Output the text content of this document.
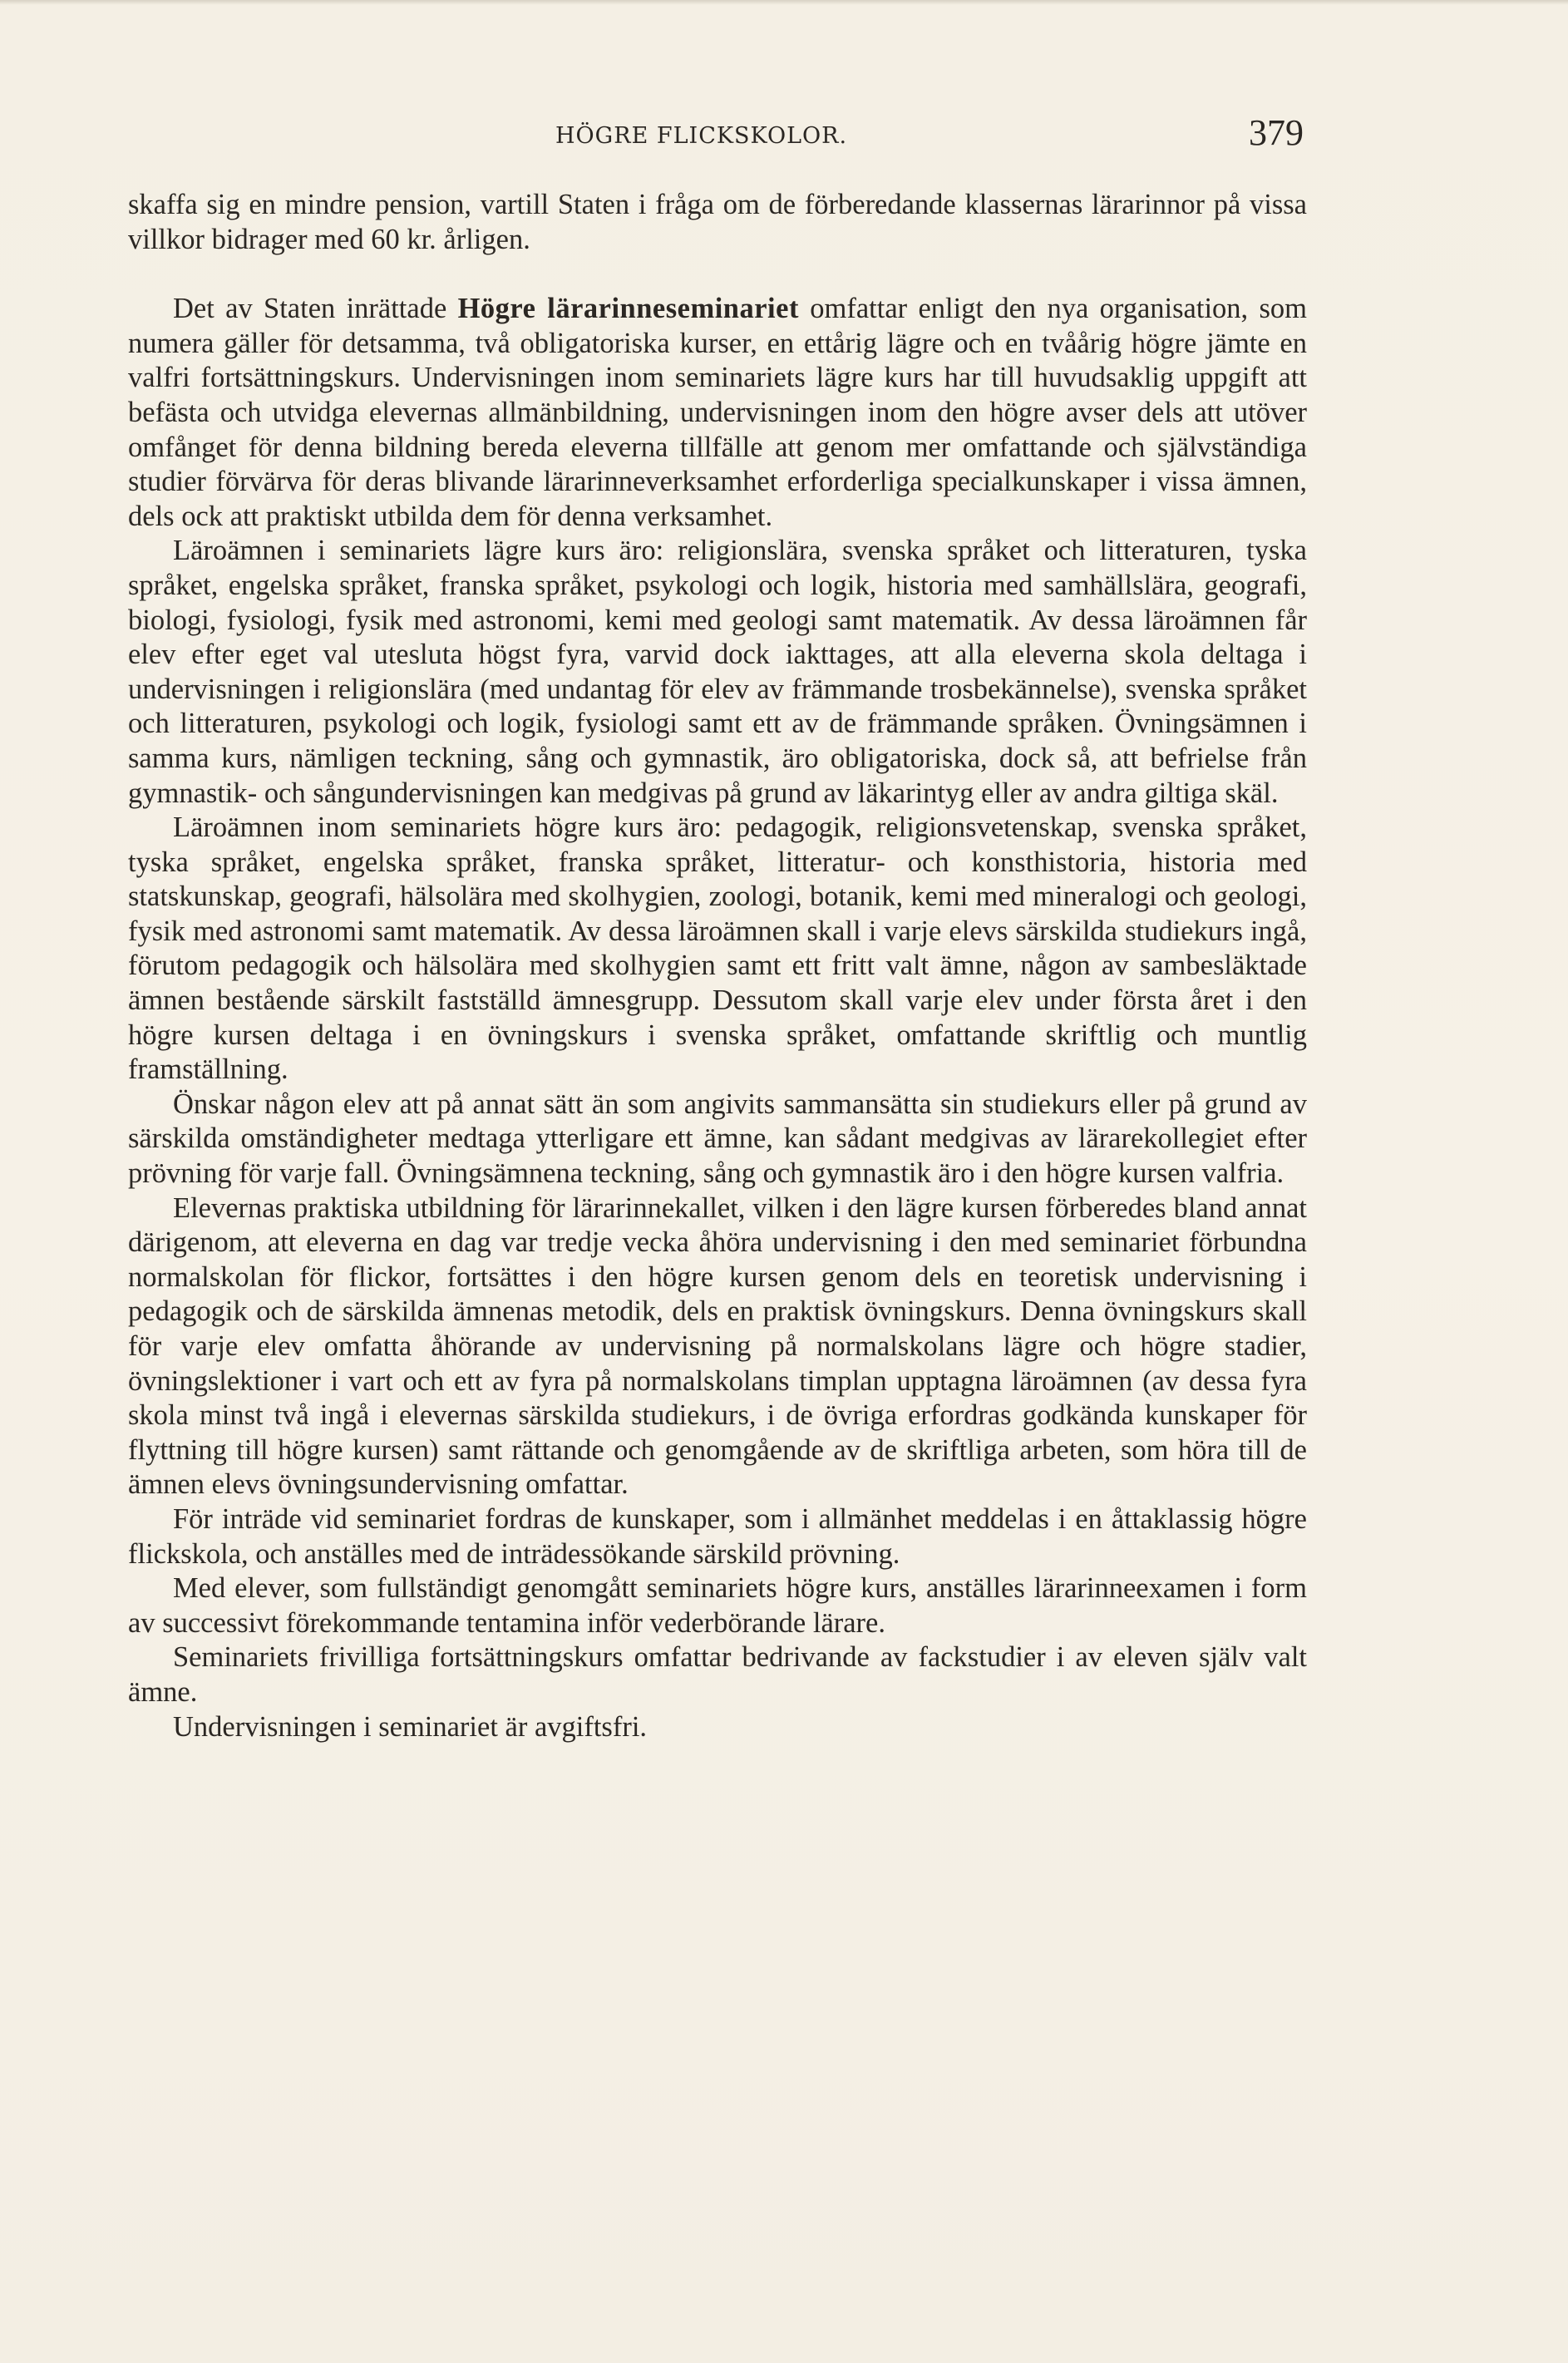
HÖGRE FLICKSKOLOR.	379

skaffa sig en mindre pension, vartill Staten i fråga om de förberedande klassernas lärarinnor på vissa villkor bidrager med 60 kr. årligen.

Det av Staten inrättade Högre lärarinneseminariet omfattar enligt den nya organisation, som numera gäller för detsamma, två obligatoriska kurser, en ettårig lägre och en tvåårig högre jämte en valfri fortsättningskurs. Undervisningen inom seminariets lägre kurs har till huvudsaklig uppgift att befästa och utvidga elevernas allmänbildning, undervisningen inom den högre avser dels att utöver omfånget för denna bildning bereda eleverna tillfälle att genom mer omfattande och självständiga studier förvärva för deras blivande lärarinneverksamhet erforderliga specialkunskaper i vissa ämnen, dels ock att praktiskt utbilda dem för denna verksamhet.

Läroämnen i seminariets lägre kurs äro: religionslära, svenska språket och litteraturen, tyska språket, engelska språket, franska språket, psykologi och logik, historia med samhällslära, geografi, biologi, fysiologi, fysik med astronomi, kemi med geologi samt matematik. Av dessa läroämnen får elev efter eget val utesluta högst fyra, varvid dock iakttages, att alla eleverna skola deltaga i undervisningen i religionslära (med undantag för elev av främmande trosbekännelse), svenska språket och litteraturen, psykologi och logik, fysiologi samt ett av de främmande språken. Övningsämnen i samma kurs, nämligen teckning, sång och gymnastik, äro obligatoriska, dock så, att befrielse från gymnastik- och sångundervisningen kan medgivas på grund av läkarintyg eller av andra giltiga skäl.

Läroämnen inom seminariets högre kurs äro: pedagogik, religionsvetenskap, svenska språket, tyska språket, engelska språket, franska språket, litteratur- och konsthistoria, historia med statskunskap, geografi, hälsolära med skolhygien, zoologi, botanik, kemi med mineralogi och geologi, fysik med astronomi samt matematik. Av dessa läroämnen skall i varje elevs särskilda studiekurs ingå, förutom pedagogik och hälsolära med skolhygien samt ett fritt valt ämne, någon av sambesläktade ämnen bestående särskilt fastställd ämnesgrupp. Dessutom skall varje elev under första året i den högre kursen deltaga i en övningskurs i svenska språket, omfattande skriftlig och muntlig framställning.

Önskar någon elev att på annat sätt än som angivits sammansätta sin studiekurs eller på grund av särskilda omständigheter medtaga ytterligare ett ämne, kan sådant medgivas av lärarekollegiet efter prövning för varje fall. Övningsämnena teckning, sång och gymnastik äro i den högre kursen valfria.

Elevernas praktiska utbildning för lärarinnekallet, vilken i den lägre kursen förberedes bland annat därigenom, att eleverna en dag var tredje vecka åhöra undervisning i den med seminariet förbundna normalskolan för flickor, fortsättes i den högre kursen genom dels en teoretisk undervisning i pedagogik och de särskilda ämnenas metodik, dels en praktisk övningskurs. Denna övningskurs skall för varje elev omfatta åhörande av undervisning på normalskolans lägre och högre stadier, övningslektioner i vart och ett av fyra på normalskolans timplan upptagna läroämnen (av dessa fyra skola minst två ingå i elevernas särskilda studiekurs, i de övriga erfordras godkända kunskaper för flyttning till högre kursen) samt rättande och genomgående av de skriftliga arbeten, som höra till de ämnen elevs övningsundervisning omfattar.

För inträde vid seminariet fordras de kunskaper, som i allmänhet meddelas i en åttaklassig högre flickskola, och anställes med de inträdessökande särskild prövning.

Med elever, som fullständigt genomgått seminariets högre kurs, anställes lärarinneexamen i form av successivt förekommande tentamina inför vederbörande lärare.

Seminariets frivilliga fortsättningskurs omfattar bedrivande av fackstudier i av eleven själv valt ämne.

Undervisningen i seminariet är avgiftsfri.
